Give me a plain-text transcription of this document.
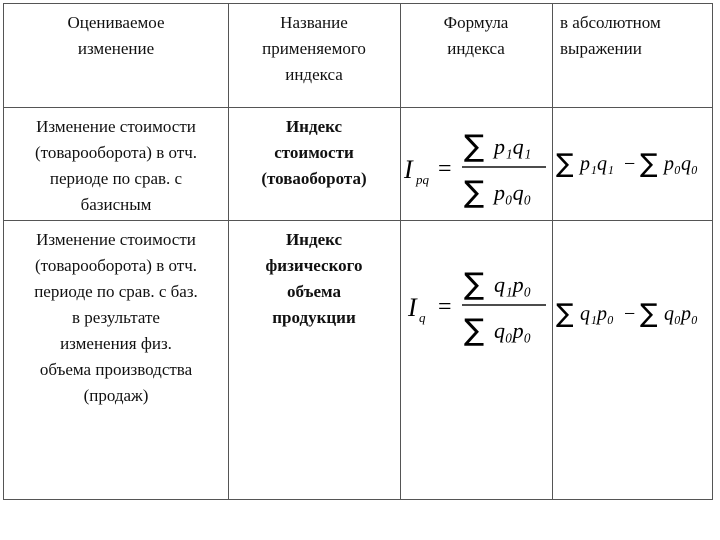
Оцениваемое
изменение
Название
применяемого
индекса
Формула
индекса
в абсолютном
выражении
Изменение стоимости
(товарооборота) в отч.
периоде по срав. с
базисным
Индекс
стоимости
(товаоборота)	I pq =
∑ p₁q₁
∑ p₀q₀
∑ p₁q₁ − ∑ p₀q₀
Изменение стоимости
(товарооборота) в отч.
периоде по срав. с баз.
в результате
изменения физ.
объема производства
(продаж)
Индекс
физического
объема
продукции	I q =
∑ q₁p₀
∑ q₀p₀
∑ q₁p₀ − ∑ q₀p₀
